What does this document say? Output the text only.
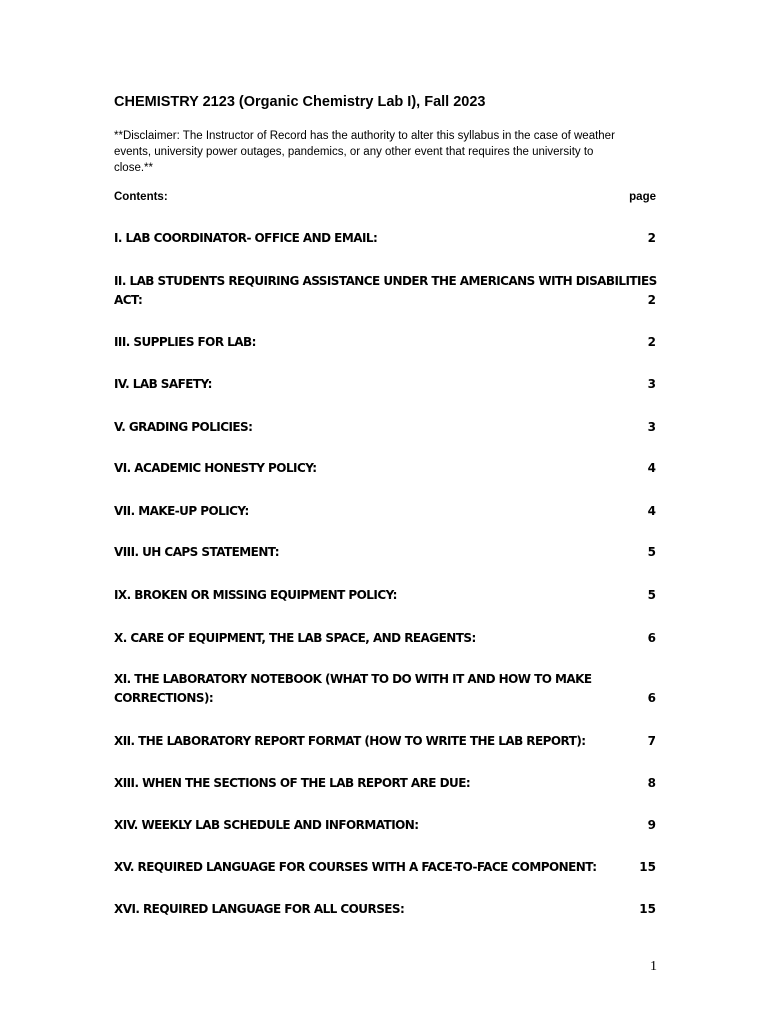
CHEMISTRY 2123 (Organic Chemistry Lab I), Fall 2023
**Disclaimer: The Instructor of Record has the authority to alter this syllabus in the case of weather events, university power outages, pandemics, or any other event that requires the university to close.**
Contents:	page
I. LAB COORDINATOR- OFFICE AND EMAIL:	2
II. LAB STUDENTS REQUIRING ASSISTANCE UNDER THE AMERICANS WITH DISABILITIES ACT:	2
III. SUPPLIES FOR LAB:	2
IV. LAB SAFETY:	3
V. GRADING POLICIES:	3
VI. ACADEMIC HONESTY POLICY:	4
VII. MAKE-UP POLICY:	4
VIII. UH CAPS STATEMENT:	5
IX. BROKEN OR MISSING EQUIPMENT POLICY:	5
X. CARE OF EQUIPMENT, THE LAB SPACE, AND REAGENTS:	6
XI. THE LABORATORY NOTEBOOK (WHAT TO DO WITH IT AND HOW TO MAKE CORRECTIONS):	6
XII. THE LABORATORY REPORT FORMAT (HOW TO WRITE THE LAB REPORT):	7
XIII. WHEN THE SECTIONS OF THE LAB REPORT ARE DUE:	8
XIV. WEEKLY LAB SCHEDULE AND INFORMATION:	9
XV. REQUIRED LANGUAGE FOR COURSES WITH A FACE-TO-FACE COMPONENT:	15
XVI. REQUIRED LANGUAGE FOR ALL COURSES:	15
1
